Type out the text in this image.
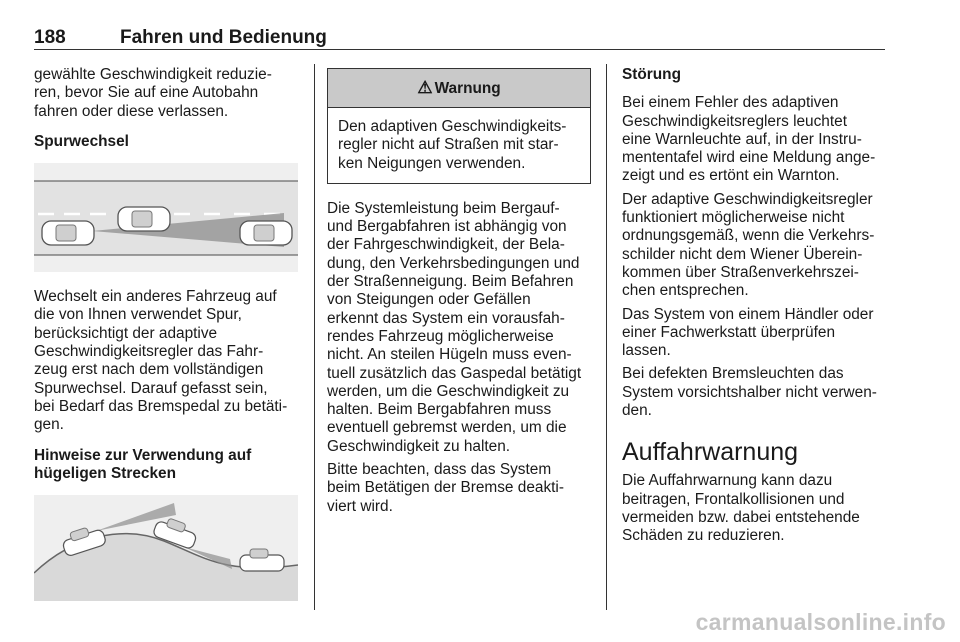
188	Fahren und Bedienung

gewählte Geschwindigkeit reduzie-
ren, bevor Sie auf eine Autobahn
fahren oder diese verlassen.

Spurwechsel

Wechselt ein anderes Fahrzeug auf
die von Ihnen verwendet Spur,
berücksichtigt der adaptive
Geschwindigkeitsregler das Fahr-
zeug erst nach dem vollständigen
Spurwechsel. Darauf gefasst sein,
bei Bedarf das Bremspedal zu betäti-
gen.

Hinweise zur Verwendung auf
hügeligen Strecken
⚠ Warnung
Den adaptiven Geschwindigkeits-
regler nicht auf Straßen mit star-
ken Neigungen verwenden.

Die Systemleistung beim Bergauf-
und Bergabfahren ist abhängig von
der Fahrgeschwindigkeit, der Bela-
dung, den Verkehrsbedingungen und
der Straßenneigung. Beim Befahren
von Steigungen oder Gefällen
erkennt das System ein vorausfah-
rendes Fahrzeug möglicherweise
nicht. An steilen Hügeln muss even-
tuell zusätzlich das Gaspedal betätigt
werden, um die Geschwindigkeit zu
halten. Beim Bergabfahren muss
eventuell gebremst werden, um die
Geschwindigkeit zu halten.

Bitte beachten, dass das System
beim Betätigen der Bremse deakti-
viert wird.

Störung

Bei einem Fehler des adaptiven
Geschwindigkeitsreglers leuchtet
eine Warnleuchte auf, in der Instru-
mententafel wird eine Meldung ange-
zeigt und es ertönt ein Warnton.

Der adaptive Geschwindigkeitsregler
funktioniert möglicherweise nicht
ordnungsgemäß, wenn die Verkehrs-
schilder nicht dem Wiener Überein-
kommen über Straßenverkehrszei-
chen entsprechen.

Das System von einem Händler oder
einer Fachwerkstatt überprüfen
lassen.

Bei defekten Bremsleuchten das
System vorsichtshalber nicht verwen-
den.

Auffahrwarnung

Die Auffahrwarnung kann dazu
beitragen, Frontalkollisionen und
vermeiden bzw. dabei entstehende
Schäden zu reduzieren.

carmanualsonline.info
